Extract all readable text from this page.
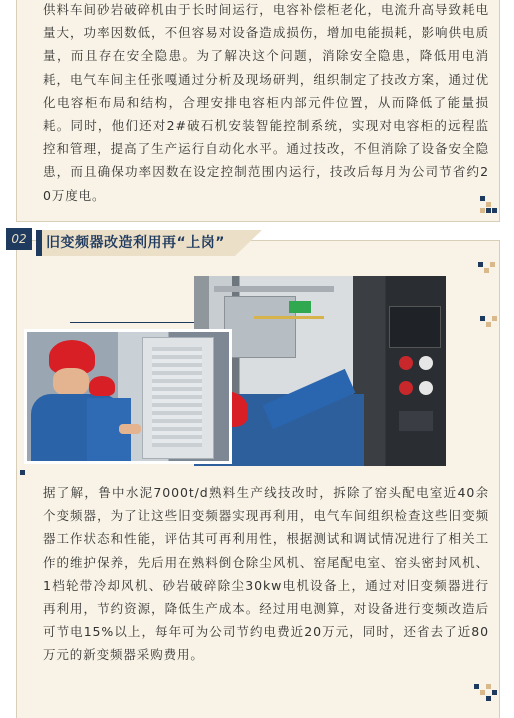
供料车间砂岩破碎机由于长时间运行，电容补偿柜老化，电流升高导致耗电量大，功率因数低，不但容易对设备造成损伤，增加电能损耗，影响供电质量，而且存在安全隐患。为了解决这个问题，消除安全隐患，降低用电消耗，电气车间主任张嘎通过分析及现场研判，组织制定了技改方案，通过优化电容柜布局和结构，合理安排电容柜内部元件位置，从而降低了能量损耗。同时，他们还对2#破石机安装智能控制系统，实现对电容柜的远程监控和管理，提高了生产运行自动化水平。通过技改，不但消除了设备安全隐患，而且确保功率因数在设定控制范围内运行，技改后每月为公司节省约20万度电。

据了解，鲁中水泥7000t/d熟料生产线技改时，拆除了窑头配电室近40余个变频器，为了让这些旧变频器实现再利用，电气车间组织检查这些旧变频器工作状态和性能，评估其可再利用性，根据测试和调试情况进行了相关工作的维护保养，先后用在熟料倒仓除尘风机、窑尾配电室、窑头密封风机、1档轮带冷却风机、砂岩破碎除尘30kw电机设备上，通过对旧变频器进行再利用，节约资源，降低生产成本。经过用电测算，对设备进行变频改造后可节电15%以上，每年可为公司节约电费近20万元，同时，还省去了近80万元的新变频器采购费用。

02	旧变频器改造利用再“上岗”
